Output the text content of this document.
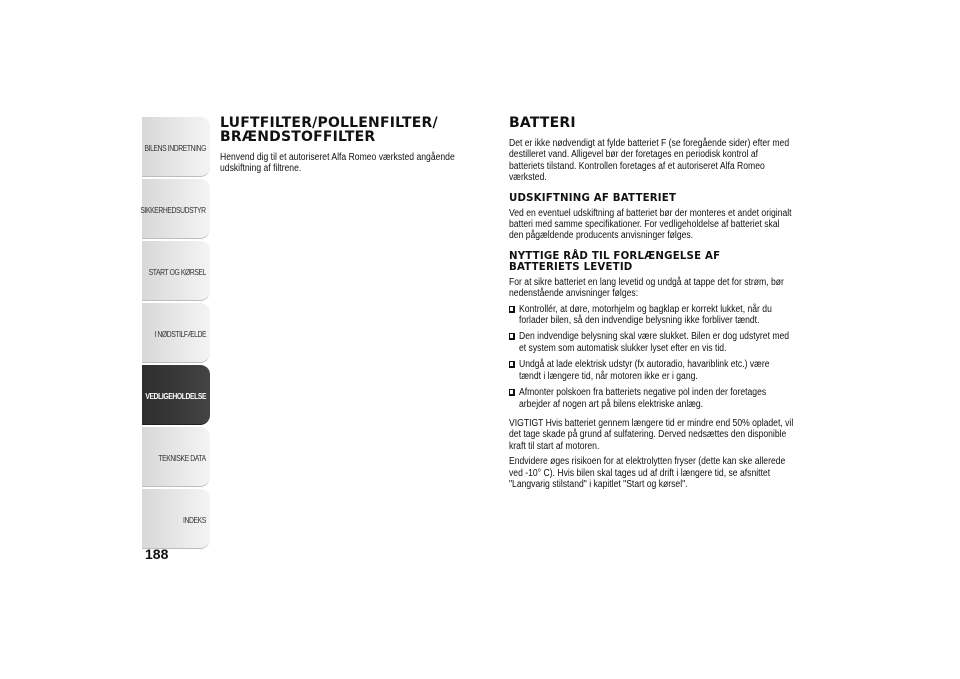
BILENS INDRETNING
SIKKERHEDSUDSTYR
START OG KØRSEL
I NØDSTILFÆLDE
VEDLIGEHOLDELSE
TEKNISKE DATA
INDEKS
188
LUFTFILTER/POLLENFILTER/
BRÆNDSTOFFILTER

Henvend dig til et autoriseret Alfa Romeo værksted angående udskiftning af filtrene.

BATTERI

Det er ikke nødvendigt at fylde batteriet F (se foregående sider) efter med destilleret vand. Alligevel bør der foretages en periodisk kontrol af batteriets tilstand. Kontrollen foretages af et autoriseret Alfa Romeo værksted.

UDSKIFTNING AF BATTERIET

Ved en eventuel udskiftning af batteriet bør der monteres et andet originalt batteri med samme specifikationer. For vedligeholdelse af batteriet skal den pågældende producents anvisninger følges.

NYTTIGE RÅD TIL FORLÆNGELSE AF
BATTERIETS LEVETID

For at sikre batteriet en lang levetid og undgå at tappe det for strøm, bør nedenstående anvisninger følges:

Kontrollér, at døre, motorhjelm og bagklap er korrekt lukket, når du forlader bilen, så den indvendige belysning ikke forbliver tændt.

Den indvendige belysning skal være slukket. Bilen er dog udstyret med et system som automatisk slukker lyset efter en vis tid.

Undgå at lade elektrisk udstyr (fx autoradio, havariblink etc.) være tændt i længere tid, når motoren ikke er i gang.

Afmonter polskoen fra batteriets negative pol inden der foretages arbejder af nogen art på bilens elektriske anlæg.

VIGTIGT Hvis batteriet gennem længere tid er mindre end 50% opladet, vil det tage skade på grund af sulfatering. Derved nedsættes den disponible kraft til start af motoren.

Endvidere øges risikoen for at elektrolytten fryser (dette kan ske allerede ved -10° C). Hvis bilen skal tages ud af drift i længere tid, se afsnittet "Langvarig stilstand" i kapitlet "Start og kørsel".
